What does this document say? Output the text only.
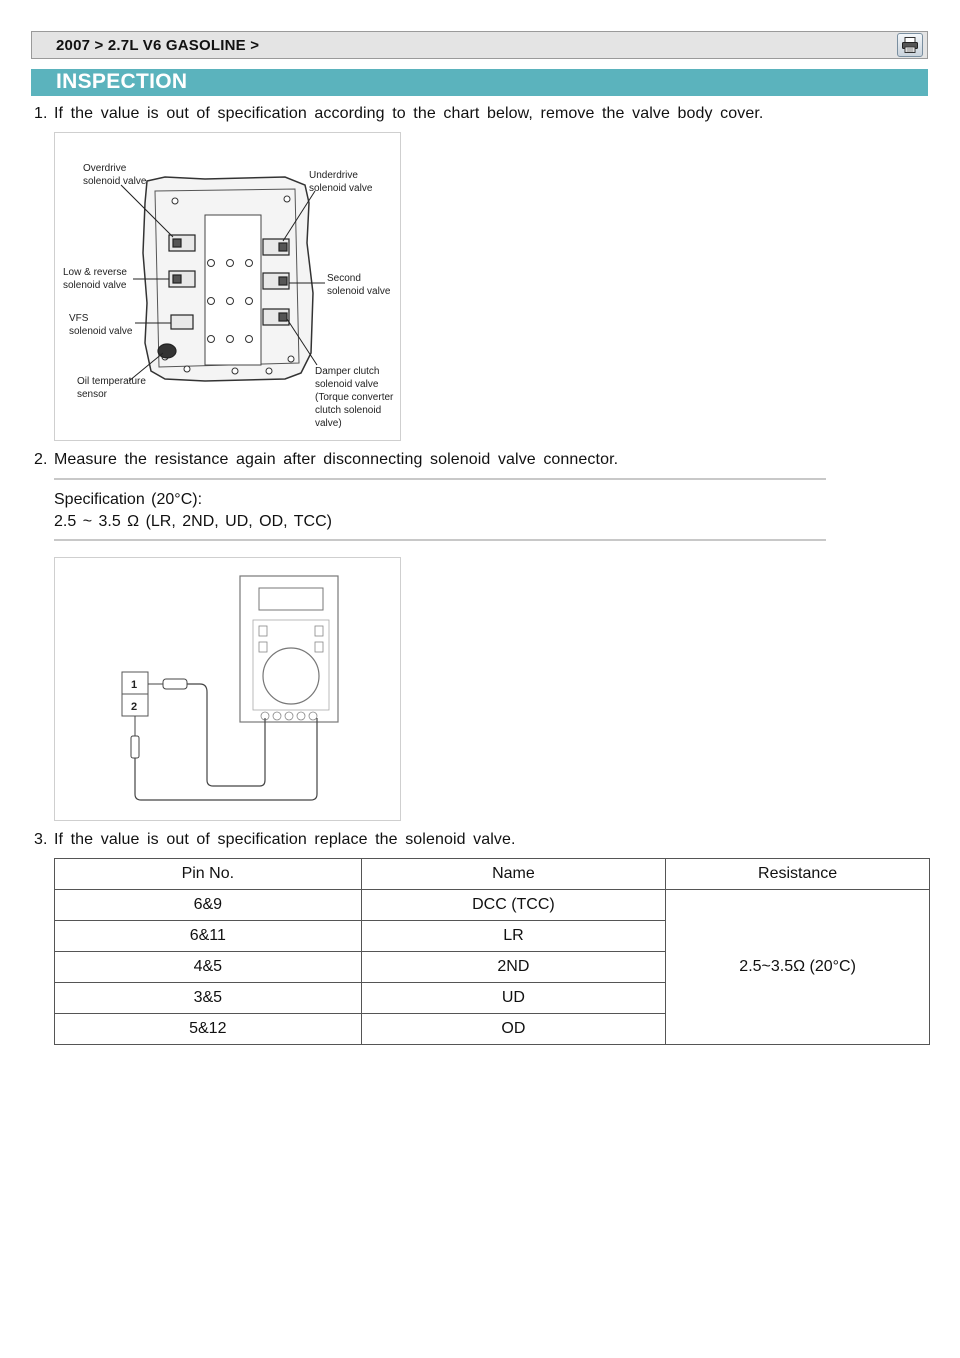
2007 > 2.7L V6 GASOLINE >
INSPECTION
1. If the value is out of specification according to the chart below, remove the valve body cover.
Overdrive
solenoid valve
Underdrive
solenoid valve
Low & reverse
solenoid valve
Second
solenoid valve
VFS
solenoid valve
Damper clutch
solenoid valve
(Torque converter
clutch solenoid
valve)
Oil temperature
sensor
2. Measure the resistance again after disconnecting solenoid valve connector.
Specification (20°C):
2.5 ~ 3.5 Ω (LR, 2ND, UD, OD, TCC)
1
2
3. If the value is out of specification replace the solenoid valve.
Pin No.	Name	Resistance
6&9	DCC (TCC)	2.5~3.5Ω (20°C)
6&11	LR	
4&5	2ND	
3&5	UD	
5&12	OD	
